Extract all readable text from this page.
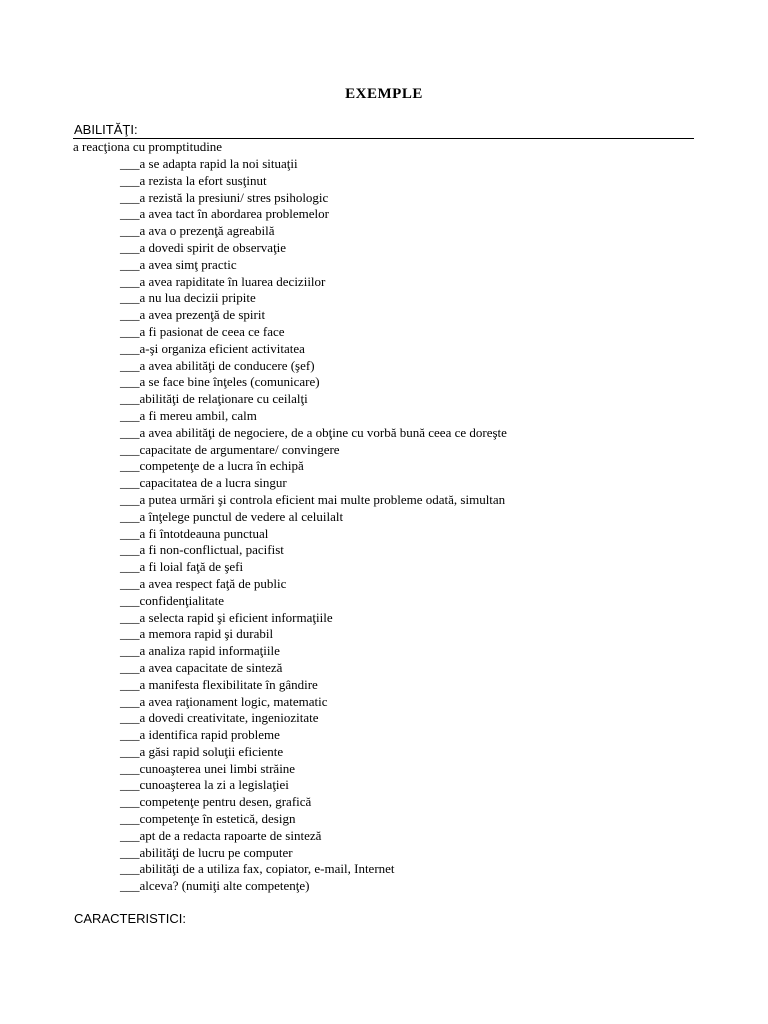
EXEMPLE
ABILITĂŢI:
a reacţiona cu promptitudine
___a se adapta rapid la noi situaţii
___a rezista la efort susţinut
___a rezistă la presiuni/ stres psihologic
___a avea tact în abordarea problemelor
___a ava o prezenţă agreabilă
___a dovedi spirit de observaţie
___a avea simţ practic
___a avea rapiditate în luarea deciziilor
___a nu lua decizii pripite
___a avea prezenţă de spirit
___a fi pasionat de ceea ce face
___a-şi organiza eficient activitatea
___a avea abilităţi de conducere (şef)
___a se face bine înţeles (comunicare)
___abilităţi de relaţionare cu ceilalţi
___a fi mereu ambil, calm
___a avea abilităţi de negociere, de a obţine cu vorbă bună ceea ce doreşte
___capacitate de argumentare/ convingere
___competenţe de a lucra în echipă
___capacitatea de a lucra singur
___a putea urmări şi controla eficient mai multe probleme odată, simultan
___a înţelege punctul de vedere al celuilalt
___a fi întotdeauna punctual
___a fi non-conflictual, pacifist
___a fi loial faţă de şefi
___a avea respect faţă de public
___confidenţialitate
___a selecta rapid şi eficient informaţiile
___a memora rapid şi durabil
___a analiza rapid informaţiile
___a avea capacitate de sinteză
___a manifesta flexibilitate în gândire
___a avea raţionament logic, matematic
___a dovedi creativitate, ingeniozitate
___a identifica rapid probleme
___a găsi rapid soluţii eficiente
___cunoaşterea unei limbi străine
___cunoaşterea la zi a legislaţiei
___competenţe pentru desen, grafică
___competenţe în estetică, design
___apt de a redacta rapoarte de sinteză
___abilităţi de lucru pe computer
___abilităţi de a utiliza fax, copiator, e-mail, Internet
___alceva? (numiţi alte competenţe)
CARACTERISTICI:
